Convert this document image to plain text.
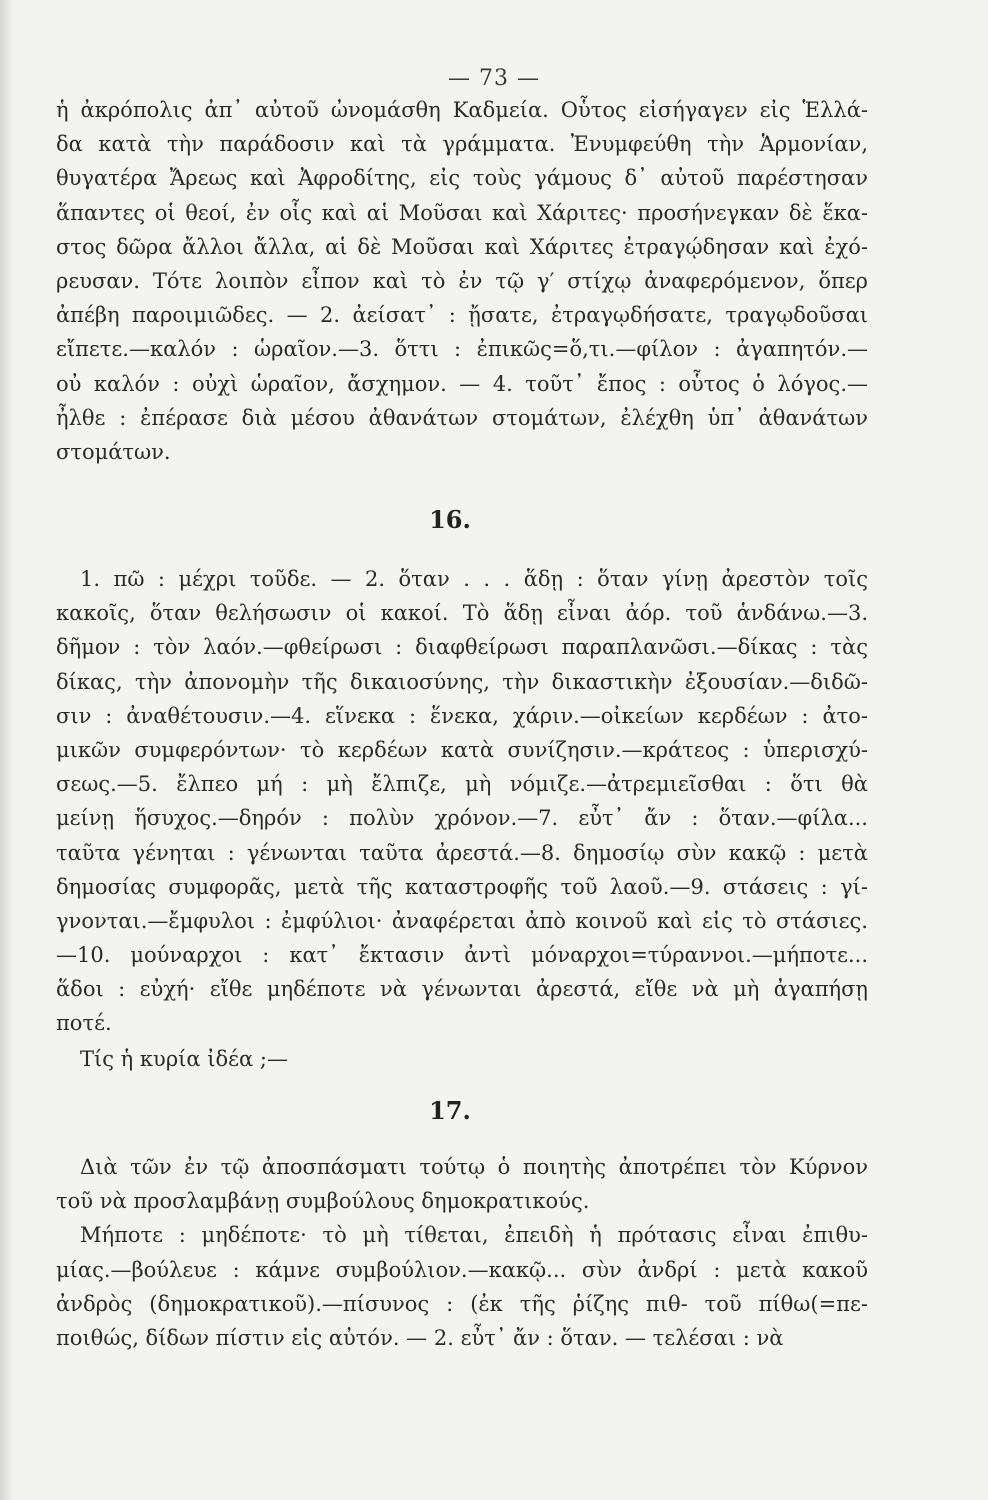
— 73 —
ἡ ἀκρόπολις ἀπ᾽ αὐτοῦ ὠνομάσθη Καδμεία. Οὗτος εἰσήγαγεν εἰς Ἑλλά-
δα κατὰ τὴν παράδοσιν καὶ τὰ γράμματα. Ἐνυμφεύθη τὴν Ἁρμονίαν,
θυγατέρα Ἄρεως καὶ Ἀφροδίτης, εἰς τοὺς γάμους δ᾽ αὐτοῦ παρέστησαν
ἅπαντες οἱ θεοί, ἐν οἷς καὶ αἱ Μοῦσαι καὶ Χάριτες· προσήνεγκαν δὲ ἕκα-
στος δῶρα ἄλλοι ἄλλα, αἱ δὲ Μοῦσαι καὶ Χάριτες ἐτραγῴδησαν καὶ ἐχό-
ρευσαν. Τότε λοιπὸν εἶπον καὶ τὸ ἐν τῷ γ′ στίχῳ ἀναφερόμενον, ὅπερ
ἀπέβη παροιμιῶδες. — 2. ἀείσατ᾽ : ᾔσατε, ἐτραγῳδήσατε, τραγῳδοῦσαι
εἴπετε.—καλόν : ὡραῖον.—3. ὅττι : ἐπικῶς=ὅ,τι.—φίλον : ἀγαπητόν.—
οὐ καλόν : οὐχὶ ὡραῖον, ἄσχημον. — 4. τοῦτ᾽ ἔπος : οὗτος ὁ λόγος.—
ἦλθε : ἐπέρασε διὰ μέσου ἀθανάτων στομάτων, ἐλέχθη ὑπ᾽ ἀθανάτων
στομάτων.
16.
1. πῶ : μέχρι τοῦδε. — 2. ὅταν . . . ἅδῃ : ὅταν γίνῃ ἀρεστὸν τοῖς
κακοῖς, ὅταν θελήσωσιν οἱ κακοί. Τὸ ἅδῃ εἶναι ἀόρ. τοῦ ἁνδάνω.—3.
δῆμον : τὸν λαόν.—φθείρωσι : διαφθείρωσι παραπλανῶσι.—δίκας : τὰς
δίκας, τὴν ἀπονομὴν τῆς δικαιοσύνης, τὴν δικαστικὴν ἐξουσίαν.—διδῶ-
σιν : ἀναθέτουσιν.—4. εἵνεκα : ἕνεκα, χάριν.—οἰκείων κερδέων : ἀτο-
μικῶν συμφερόντων· τὸ κερδέων κατὰ συνίζησιν.—κράτεος : ὑπερισχύ-
σεως.—5. ἔλπεο μή : μὴ ἔλπιζε, μὴ νόμιζε.—ἀτρεμιεῖσθαι : ὅτι θὰ
μείνῃ ἥσυχος.—δηρόν : πολὺν χρόνον.—7. εὖτ᾽ ἄν : ὅταν.—φίλα...
ταῦτα γένηται : γένωνται ταῦτα ἀρεστά.—8. δημοσίῳ σὺν κακῷ : μετὰ
δημοσίας συμφορᾶς, μετὰ τῆς καταστροφῆς τοῦ λαοῦ.—9. στάσεις : γί-
γνονται.—ἔμφυλοι : ἐμφύλιοι· ἀναφέρεται ἀπὸ κοινοῦ καὶ εἰς τὸ στάσιες.
—10. μούναρχοι : κατ᾽ ἔκτασιν ἀντὶ μόναρχοι=τύραννοι.—μήποτε...
ἅδοι : εὐχή· εἴθε μηδέποτε νὰ γένωνται ἀρεστά, εἴθε νὰ μὴ ἀγαπήσῃ
ποτέ.
Τίς ἡ κυρία ἰδέα ;—
17.
Διὰ τῶν ἐν τῷ ἀποσπάσματι τούτῳ ὁ ποιητὴς ἀποτρέπει τὸν Κύρνον
τοῦ νὰ προσλαμβάνῃ συμβούλους δημοκρατικούς.
Μήποτε : μηδέποτε· τὸ μὴ τίθεται, ἐπειδὴ ἡ πρότασις εἶναι ἐπιθυ-
μίας.—βούλευε : κάμνε συμβούλιον.—κακῷ... σὺν ἀνδρί : μετὰ κακοῦ
ἀνδρὸς (δημοκρατικοῦ).—πίσυνος : (ἐκ τῆς ῥίζης πιθ- τοῦ πίθω(=πε-
ποιθώς, δίδων πίστιν εἰς αὐτόν. — 2. εὖτ᾽ ἄν : ὅταν. — τελέσαι : νὰ
